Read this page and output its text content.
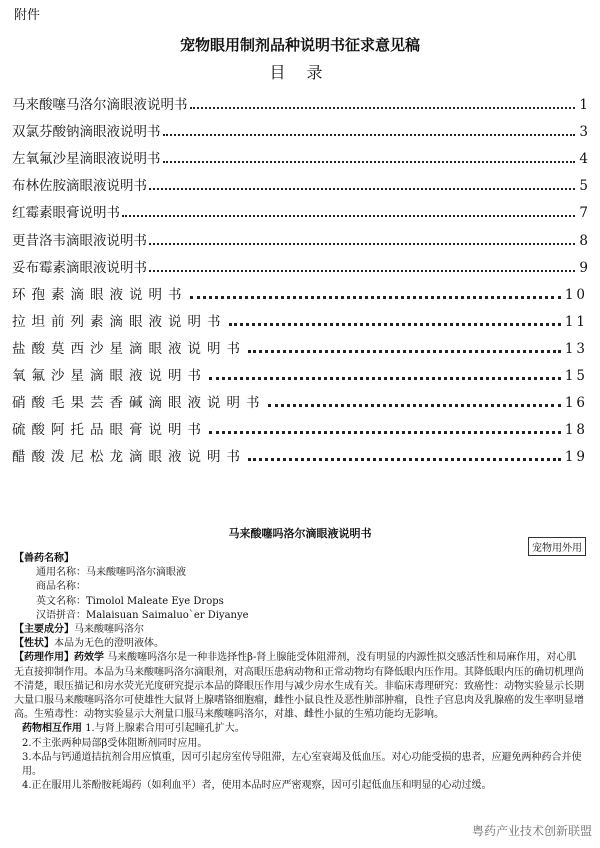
附件
宠物眼用制剂品种说明书征求意见稿
目 录
马来酸噻马洛尔滴眼液说明书	1
双氯芬酸钠滴眼液说明书	3
左氧氟沙星滴眼液说明书	4
布林佐胺滴眼液说明书	5
红霉素眼膏说明书	7
更昔洛韦滴眼液说明书	8
妥布霉素滴眼液说明书	9
环孢素滴眼液说明书	10
拉坦前列素滴眼液说明书	11
盐酸莫西沙星滴眼液说明书	13
氧氟沙星滴眼液说明书	15
硝酸毛果芸香碱滴眼液说明书	16
硫酸阿托品眼膏说明书	18
醋酸泼尼松龙滴眼液说明书	19
马来酸噻吗洛尔滴眼液说明书
宠物用外用

【兽药名称】

通用名称：马来酸噻吗洛尔滴眼液

商品名称：

英文名称：Timolol Maleate Eye Drops

汉语拼音：Malaisuan Saimaluo`er Diyanye

【主要成分】马来酸噻吗洛尔

【性状】本品为无色的澄明液体。

【药理作用】药效学 马来酸噻吗洛尔是一种非选择性β-肾上腺能受体阻滞剂，没有明显的内源性拟交感活性和局麻作用，对心肌无直接抑制作用。本品为马来酸噻吗洛尔滴眼剂，对高眼压患病动物和正常动物均有降低眼内压作用。其降低眼内压的确切机理尚不清楚，眼压描记和房水荧光光度研究提示本品的降眼压作用与减少房水生成有关。非临床毒理研究：致癌性：动物实验显示长期大量口服马来酸噻吗洛尔可使雄性大鼠肾上腺嗜铬细胞瘤，雌性小鼠良性及恶性肺部肿瘤，良性子宫息肉及乳腺癌的发生率明显增高。生殖毒性：动物实验显示大剂量口服马来酸噻吗洛尔，对雄、雌性小鼠的生殖功能均无影响。

药物相互作用 1.与肾上腺素合用可引起瞳孔扩大。

2.不主张两种局部β受体阻断剂同时应用。

3.本品与钙通道拮抗剂合用应慎重，因可引起房室传导阻滞，左心室衰竭及低血压。对心功能受损的患者，应避免两种药合并使用。

4.正在服用儿茶酚胺耗竭药（如利血平）者，使用本品时应严密观察，因可引起低血压和明显的心动过缓。

粤药产业技术创新联盟
